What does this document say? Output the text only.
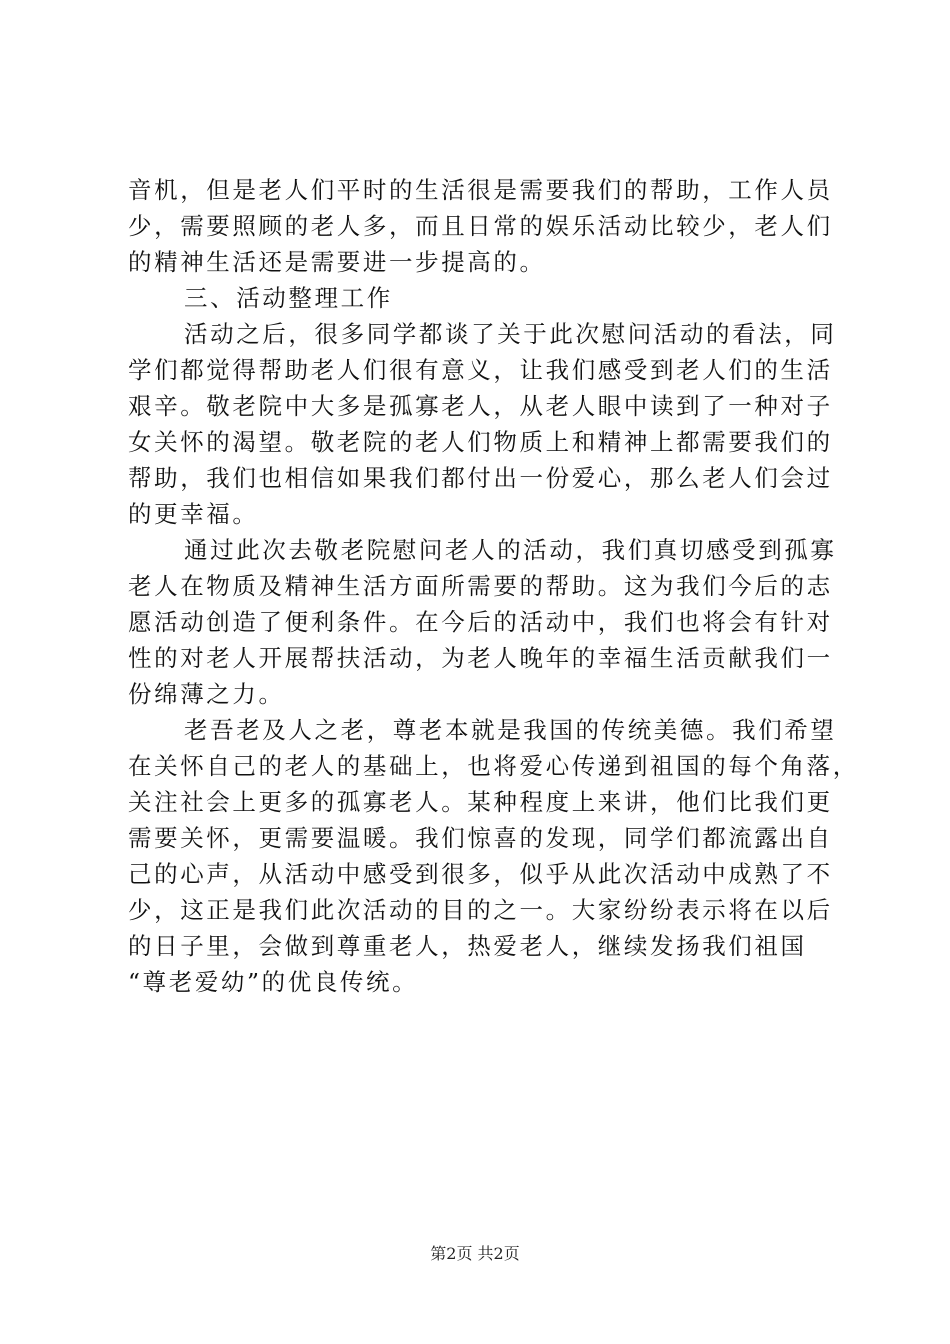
音机，但是老人们平时的生活很是需要我们的帮助，工作人员
少，需要照顾的老人多，而且日常的娱乐活动比较少，老人们
的精神生活还是需要进一步提高的。
三、活动整理工作
活动之后，很多同学都谈了关于此次慰问活动的看法，同
学们都觉得帮助老人们很有意义，让我们感受到老人们的生活
艰辛。敬老院中大多是孤寡老人，从老人眼中读到了一种对子
女关怀的渴望。敬老院的老人们物质上和精神上都需要我们的
帮助，我们也相信如果我们都付出一份爱心，那么老人们会过
的更幸福。
通过此次去敬老院慰问老人的活动，我们真切感受到孤寡
老人在物质及精神生活方面所需要的帮助。这为我们今后的志
愿活动创造了便利条件。在今后的活动中，我们也将会有针对
性的对老人开展帮扶活动，为老人晚年的幸福生活贡献我们一
份绵薄之力。
老吾老及人之老，尊老本就是我国的传统美德。我们希望
在关怀自己的老人的基础上，也将爱心传递到祖国的每个角落，
关注社会上更多的孤寡老人。某种程度上来讲，他们比我们更
需要关怀，更需要温暖。我们惊喜的发现，同学们都流露出自
己的心声，从活动中感受到很多，似乎从此次活动中成熟了不
少，这正是我们此次活动的目的之一。大家纷纷表示将在以后
的日子里，会做到尊重老人，热爱老人，继续发扬我们祖国
“尊老爱幼”的优良传统。
第2页 共2页
